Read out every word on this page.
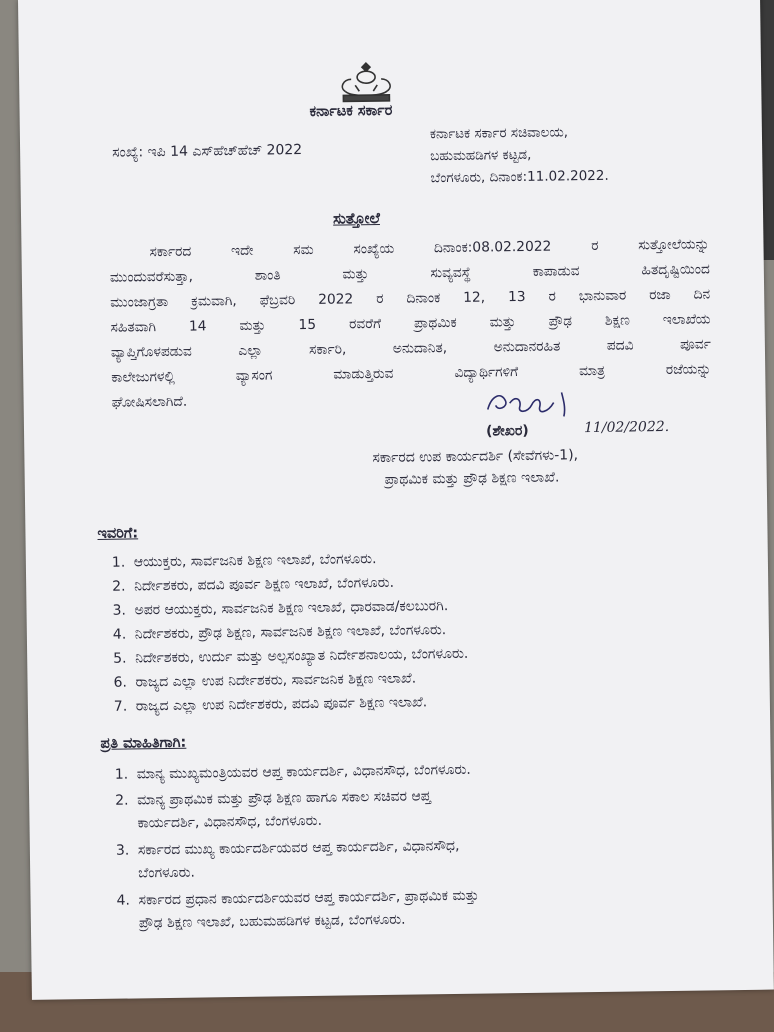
ಕರ್ನಾಟಕ ಸರ್ಕಾರ
ಸಂಖ್ಯೆ: ಇಪಿ 14 ಎಸ್‌ಹೆಚ್‌ಹೆಚ್ 2022
ಕರ್ನಾಟಕ ಸರ್ಕಾರ ಸಚಿವಾಲಯ,
ಬಹುಮಹಡಿಗಳ ಕಟ್ಟಡ,
ಬೆಂಗಳೂರು, ದಿನಾಂಕ:11.02.2022.
ಸುತ್ತೋಲೆ
ಸರ್ಕಾರದ ಇದೇ ಸಮ ಸಂಖ್ಯೆಯ ದಿನಾಂಕ:08.02.2022 ರ ಸುತ್ತೋಲೆಯನ್ನು
ಮುಂದುವರೆಸುತ್ತಾ, ಶಾಂತಿ ಮತ್ತು ಸುವ್ಯವಸ್ಥೆ ಕಾಪಾಡುವ ಹಿತದೃಷ್ಟಿಯಿಂದ
ಮುಂಜಾಗ್ರತಾ ಕ್ರಮವಾಗಿ, ಫೆಬ್ರವರಿ 2022 ರ ದಿನಾಂಕ 12, 13 ರ ಭಾನುವಾರ ರಜಾ ದಿನ
ಸಹಿತವಾಗಿ 14 ಮತ್ತು 15 ರವರೆಗೆ ಪ್ರಾಥಮಿಕ ಮತ್ತು ಪ್ರೌಢ ಶಿಕ್ಷಣ ಇಲಾಖೆಯ
ವ್ಯಾಪ್ತಿಗೊಳಪಡುವ ಎಲ್ಲಾ ಸರ್ಕಾರಿ, ಅನುದಾನಿತ, ಅನುದಾನರಹಿತ ಪದವಿ ಪೂರ್ವ
ಕಾಲೇಜುಗಳಲ್ಲಿ ವ್ಯಾಸಂಗ ಮಾಡುತ್ತಿರುವ ವಿದ್ಯಾರ್ಥಿಗಳಿಗೆ ಮಾತ್ರ ರಜೆಯನ್ನು
ಘೋಷಿಸಲಾಗಿದೆ.
(ಶೇಖರ)	11/02/2022.
ಸರ್ಕಾರದ ಉಪ ಕಾರ್ಯದರ್ಶಿ (ಸೇವೆಗಳು-1),
ಪ್ರಾಥಮಿಕ ಮತ್ತು ಪ್ರೌಢ ಶಿಕ್ಷಣ ಇಲಾಖೆ.
ಇವರಿಗೆ:
1. ಆಯುಕ್ತರು, ಸಾರ್ವಜನಿಕ ಶಿಕ್ಷಣ ಇಲಾಖೆ, ಬೆಂಗಳೂರು.
2. ನಿರ್ದೇಶಕರು, ಪದವಿ ಪೂರ್ವ ಶಿಕ್ಷಣ ಇಲಾಖೆ, ಬೆಂಗಳೂರು.
3. ಅಪರ ಆಯುಕ್ತರು, ಸಾರ್ವಜನಿಕ ಶಿಕ್ಷಣ ಇಲಾಖೆ, ಧಾರವಾಡ/ಕಲಬುರಗಿ.
4. ನಿರ್ದೇಶಕರು, ಪ್ರೌಢ ಶಿಕ್ಷಣ, ಸಾರ್ವಜನಿಕ ಶಿಕ್ಷಣ ಇಲಾಖೆ, ಬೆಂಗಳೂರು.
5. ನಿರ್ದೇಶಕರು, ಉರ್ದು ಮತ್ತು ಅಲ್ಪಸಂಖ್ಯಾತ ನಿರ್ದೇಶನಾಲಯ, ಬೆಂಗಳೂರು.
6. ರಾಜ್ಯದ ಎಲ್ಲಾ ಉಪ ನಿರ್ದೇಶಕರು, ಸಾರ್ವಜನಿಕ ಶಿಕ್ಷಣ ಇಲಾಖೆ.
7. ರಾಜ್ಯದ ಎಲ್ಲಾ ಉಪ ನಿರ್ದೇಶಕರು, ಪದವಿ ಪೂರ್ವ ಶಿಕ್ಷಣ ಇಲಾಖೆ.
ಪ್ರತಿ ಮಾಹಿತಿಗಾಗಿ:
1. ಮಾನ್ಯ ಮುಖ್ಯಮಂತ್ರಿಯವರ ಆಪ್ತ ಕಾರ್ಯದರ್ಶಿ, ವಿಧಾನಸೌಧ, ಬೆಂಗಳೂರು.
2. ಮಾನ್ಯ ಪ್ರಾಥಮಿಕ ಮತ್ತು ಪ್ರೌಢ ಶಿಕ್ಷಣ ಹಾಗೂ ಸಕಾಲ ಸಚಿವರ ಆಪ್ತ
ಕಾರ್ಯದರ್ಶಿ, ವಿಧಾನಸೌಧ, ಬೆಂಗಳೂರು.
3. ಸರ್ಕಾರದ ಮುಖ್ಯ ಕಾರ್ಯದರ್ಶಿಯವರ ಆಪ್ತ ಕಾರ್ಯದರ್ಶಿ, ವಿಧಾನಸೌಧ,
ಬೆಂಗಳೂರು.
4. ಸರ್ಕಾರದ ಪ್ರಧಾನ ಕಾರ್ಯದರ್ಶಿಯವರ ಆಪ್ತ ಕಾರ್ಯದರ್ಶಿ, ಪ್ರಾಥಮಿಕ ಮತ್ತು
ಪ್ರೌಢ ಶಿಕ್ಷಣ ಇಲಾಖೆ, ಬಹುಮಹಡಿಗಳ ಕಟ್ಟಡ, ಬೆಂಗಳೂರು.
